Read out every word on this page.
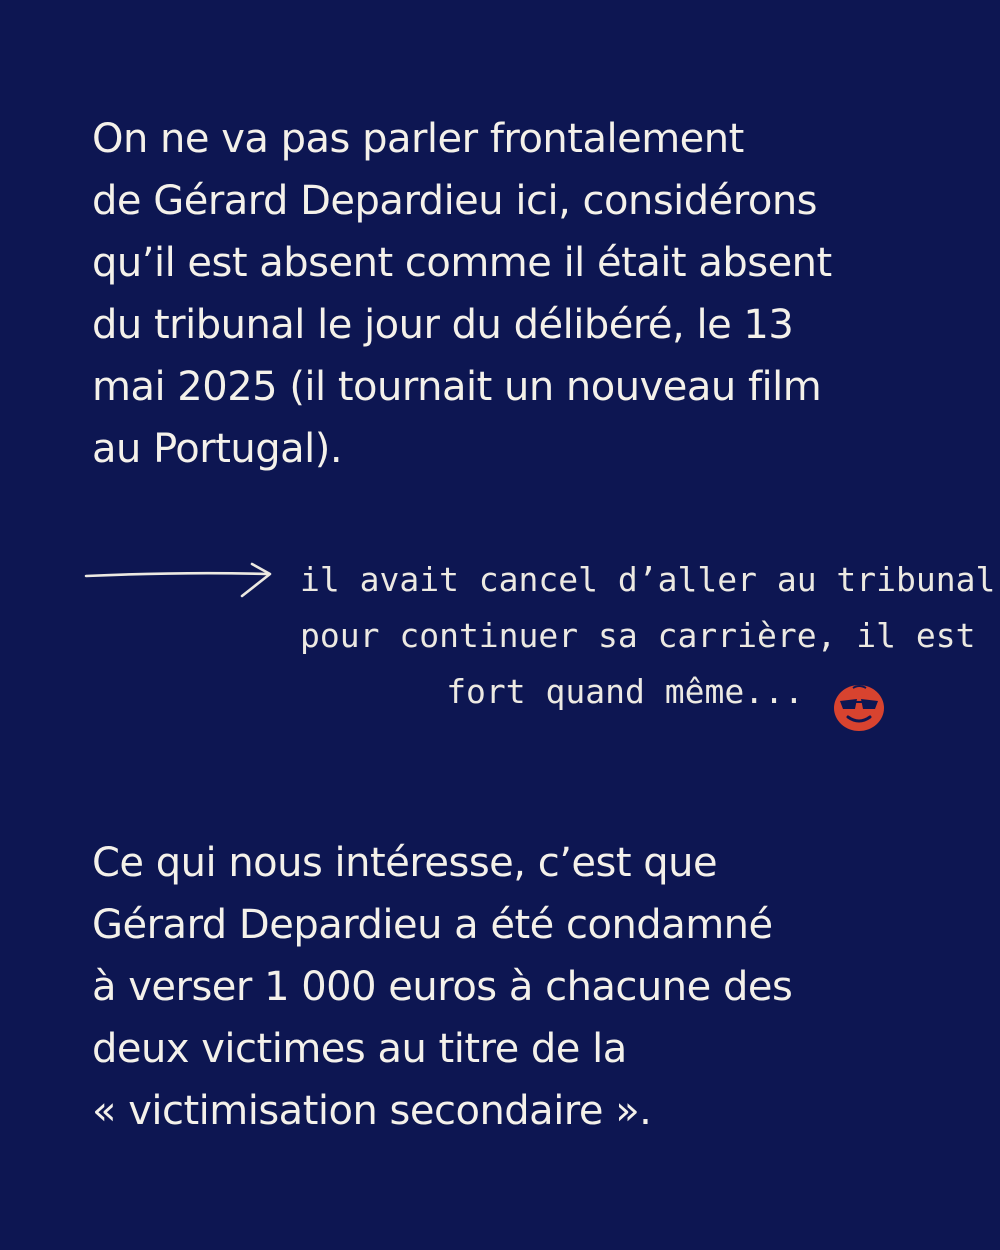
On ne va pas parler frontalement
de Gérard Depardieu ici, considérons
qu’il est absent comme il était absent
du tribunal le jour du délibéré, le 13
mai 2025 (il tournait un nouveau film
au Portugal).
il avait cancel d’aller au tribunal
pour continuer sa carrière, il est
fort quand même...
Ce qui nous intéresse, c’est que
Gérard Depardieu a été condamné
à verser 1 000 euros à chacune des
deux victimes au titre de la
« victimisation secondaire ».
